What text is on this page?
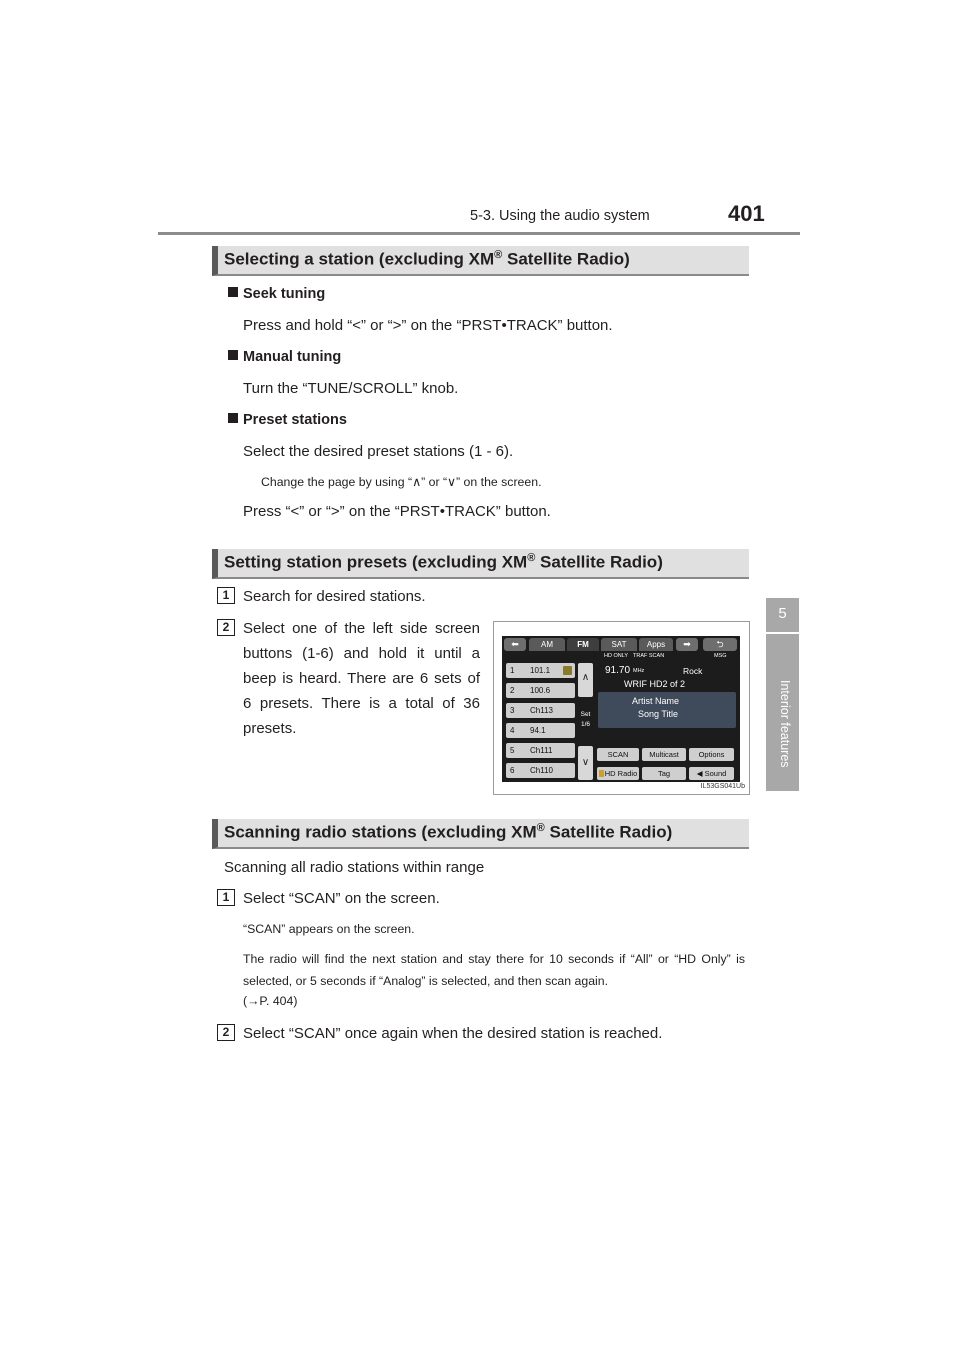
5-3. Using the audio system	401
5
Interior features
Selecting a station (excluding XM® Satellite Radio)
Seek tuning
Press and hold “<” or “>” on the “PRST•TRACK” button.
Manual tuning
Turn the “TUNE/SCROLL” knob.
Preset stations
Select the desired preset stations (1 - 6).
Change the page by using “∧” or “∨” on the screen.
Press “<” or “>” on the “PRST•TRACK” button.
Setting station presets (excluding XM® Satellite Radio)
1 Search for desired stations.
2 Select one of the left side screen buttons (1-6) and hold it until a beep is heard. There are 6 sets of 6 presets. There is a total of 36 presets.
⬅	AM	FM	SAT	Apps	➡	⮌
1 101.1
2 100.6
3 Ch113
4 94.1
5 Ch111
6 Ch110
∧
Set
1/6
∨
HD ONLY TRAF SCAN	MSG
91.70 MHz	Rock
WRIF HD2 of 2
Artist Name
Song Title
SCAN	Multicast	Options
HD Radio	Tag	◀ Sound
IL53GS041Ub
Scanning radio stations (excluding XM® Satellite Radio)
Scanning all radio stations within range
1 Select “SCAN” on the screen.
“SCAN” appears on the screen.
The radio will find the next station and stay there for 10 seconds if “All” or “HD Only” is selected, or 5 seconds if “Analog” is selected, and then scan again.
(→P. 404)
2 Select “SCAN” once again when the desired station is reached.
